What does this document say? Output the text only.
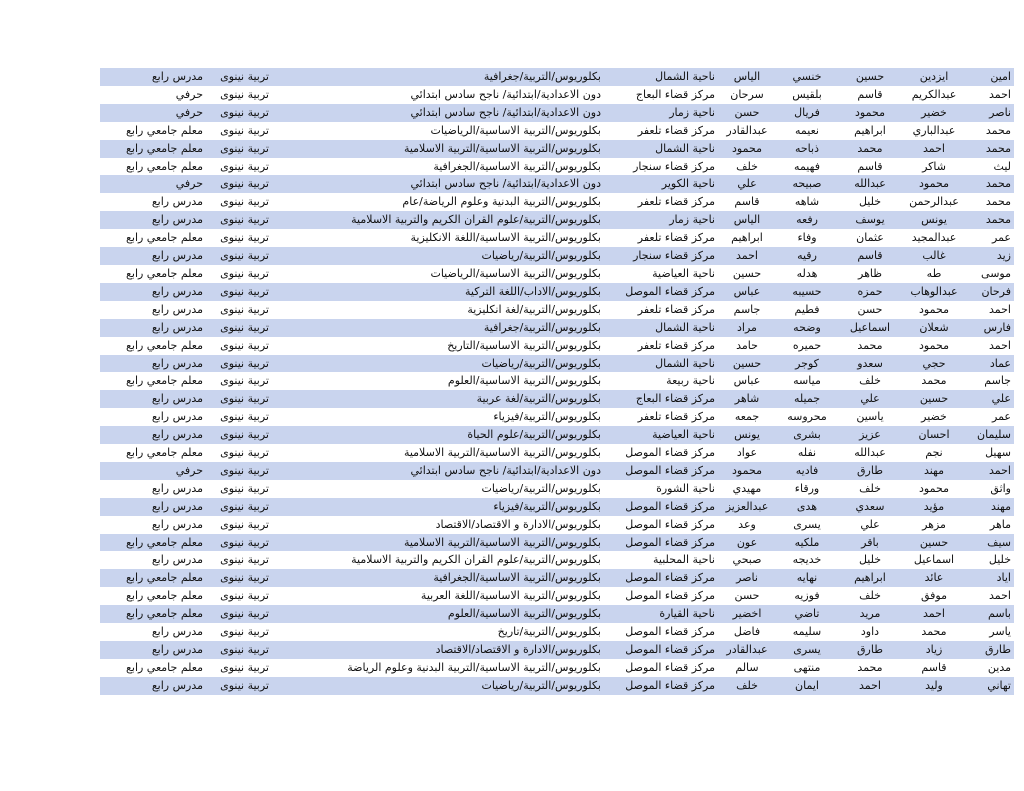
امين	ايزدين	حسين	خنسي	الياس	ناحية الشمال	بكلوريوس/التربية/جغرافية	تربية نينوى	مدرس رابع
احمد	عبدالكريم	قاسم	بلقيس	سرحان	مركز قضاء البعاج	دون الاعدادية/ابتدائية/ ناجح سادس ابتدائي	تربية نينوى	حرفي
ناصر	خضير	محمود	فريال	حسن	ناحية زمار	دون الاعدادية/ابتدائية/ ناجح سادس ابتدائي	تربية نينوى	حرفي
محمد	عبدالباري	ابراهيم	نعيمه	عبدالقادر	مركز قضاء تلعفر	بكلوريوس/التربية الاساسية/الرياضيات	تربية نينوى	معلم جامعي رابع
محمد	احمد	محمد	ذباحه	محمود	ناحية الشمال	بكلوريوس/التربية الاساسية/التربية الاسلامية	تربية نينوى	معلم جامعي رابع
ليث	شاكر	قاسم	فهيمه	خلف	مركز قضاء سنجار	بكلوريوس/التربية الاساسية/الجغرافية	تربية نينوى	معلم جامعي رابع
محمد	محمود	عبدالله	صبيحه	علي	ناحية الكوير	دون الاعدادية/ابتدائية/ ناجح سادس ابتدائي	تربية نينوى	حرفي
محمد	عبدالرحمن	خليل	شاهه	قاسم	مركز قضاء تلعفر	بكلوريوس/التربية البدنية وعلوم الرياضة/عام	تربية نينوى	مدرس رابع
محمد	يونس	يوسف	رفعه	الياس	ناحية زمار	بكلوريوس/التربية/علوم القران الكريم والتربية الاسلامية	تربية نينوى	مدرس رابع
عمر	عبدالمجيد	عثمان	وفاء	ابراهيم	مركز قضاء تلعفر	بكلوريوس/التربية الاساسية/اللغة الانكليزية	تربية نينوى	معلم جامعي رابع
زيد	غالب	قاسم	رقيه	احمد	مركز قضاء سنجار	بكلوريوس/التربية/رياضيات	تربية نينوى	مدرس رابع
موسى	طه	ظاهر	هدله	حسين	ناحية العياضية	بكلوريوس/التربية الاساسية/الرياضيات	تربية نينوى	معلم جامعي رابع
فرحان	عبدالوهاب	حمزه	حسيبه	عباس	مركز قضاء الموصل	بكلوريوس/الاداب/اللغة التركية	تربية نينوى	مدرس رابع
احمد	محمود	حسن	فطيم	جاسم	مركز قضاء تلعفر	بكلوريوس/التربية/لغة انكليزية	تربية نينوى	مدرس رابع
فارس	شعلان	اسماعيل	وضحه	مراد	ناحية الشمال	بكلوريوس/التربية/جغرافية	تربية نينوى	مدرس رابع
احمد	محمود	محمد	حميره	حامد	مركز قضاء تلعفر	بكلوريوس/التربية الاساسية/التاريخ	تربية نينوى	معلم جامعي رابع
عماد	حجي	سعدو	كوجر	حسين	ناحية الشمال	بكلوريوس/التربية/رياضيات	تربية نينوى	مدرس رابع
جاسم	محمد	خلف	مياسه	عباس	ناحية ربيعة	بكلوريوس/التربية الاساسية/العلوم	تربية نينوى	معلم جامعي رابع
علي	حسين	علي	جميله	شاهر	مركز قضاء البعاج	بكلوريوس/التربية/لغة عربية	تربية نينوى	مدرس رابع
عمر	خضير	ياسين	محروسه	جمعه	مركز قضاء تلعفر	بكلوريوس/التربية/فيزياء	تربية نينوى	مدرس رابع
سليمان	احسان	عزيز	بشرى	يونس	ناحية العياضية	بكلوريوس/التربية/علوم الحياة	تربية نينوى	مدرس رابع
سهيل	نجم	عبدالله	نفله	عواد	مركز قضاء الموصل	بكلوريوس/التربية الاساسية/التربية الاسلامية	تربية نينوى	معلم جامعي رابع
احمد	مهند	طارق	فاديه	محمود	مركز قضاء الموصل	دون الاعدادية/ابتدائية/ ناجح سادس ابتدائي	تربية نينوى	حرفي
واثق	محمود	خلف	ورقاء	مهيدي	ناحية الشورة	بكلوريوس/التربية/رياضيات	تربية نينوى	مدرس رابع
مهند	مؤيد	سعدي	هدى	عبدالعزيز	مركز قضاء الموصل	بكلوريوس/التربية/فيزياء	تربية نينوى	مدرس رابع
ماهر	مزهر	علي	يسرى	وعد	مركز قضاء الموصل	بكلوريوس/الادارة و الاقتصاد/الاقتصاد	تربية نينوى	مدرس رابع
سيف	حسين	باقر	ملكيه	عون	مركز قضاء الموصل	بكلوريوس/التربية الاساسية/التربية الاسلامية	تربية نينوى	معلم جامعي رابع
خليل	اسماعيل	خليل	خديجه	صبحي	ناحية المحلبية	بكلوريوس/التربية/علوم القران الكريم والتربية الاسلامية	تربية نينوى	مدرس رابع
اياد	عائد	ابراهيم	نهايه	ناصر	مركز قضاء الموصل	بكلوريوس/التربية الاساسية/الجغرافية	تربية نينوى	معلم جامعي رابع
احمد	موفق	خلف	فوزيه	حسن	مركز قضاء الموصل	بكلوريوس/التربية الاساسية/اللغة العربية	تربية نينوى	معلم جامعي رابع
باسم	احمد	مريد	تاضي	اخضير	ناحية القيارة	بكلوريوس/التربية الاساسية/العلوم	تربية نينوى	معلم جامعي رابع
ياسر	محمد	داود	سليمه	فاضل	مركز قضاء الموصل	بكلوريوس/التربية/تاريخ	تربية نينوى	مدرس رابع
طارق	زياد	طارق	يسرى	عبدالقادر	مركز قضاء الموصل	بكلوريوس/الادارة و الاقتصاد/الاقتصاد	تربية نينوى	مدرس رابع
مدين	قاسم	محمد	منتهى	سالم	مركز قضاء الموصل	بكلوريوس/التربية الاساسية/التربية البدنية وعلوم الرياضة	تربية نينوى	معلم جامعي رابع
تهاني	وليد	احمد	ايمان	خلف	مركز قضاء الموصل	بكلوريوس/التربية/رياضيات	تربية نينوى	مدرس رابع
